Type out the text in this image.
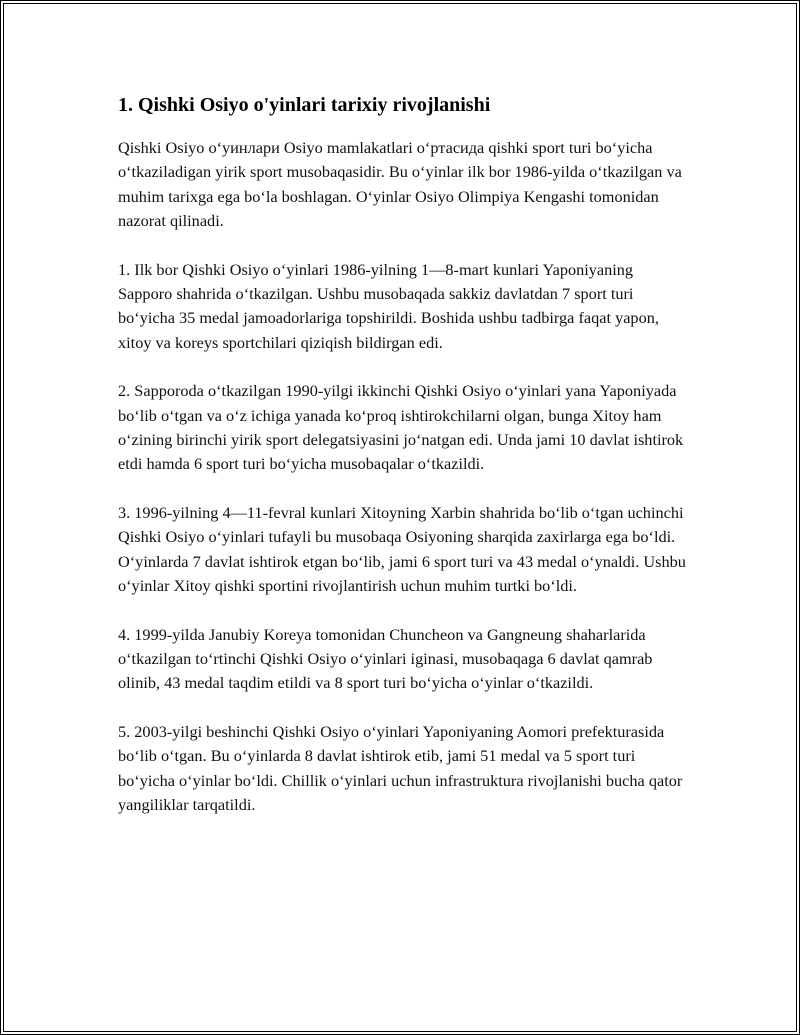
1. Qishki Osiyo o'yinlari tarixiy rivojlanishi

Qishki Osiyo o‘уинлари Osiyo mamlakatlari o‘ртасида qishki sport turi bo‘yicha o‘tkaziladigan yirik sport musobaqasidir. Bu o‘yinlar ilk bor 1986-yilda o‘tkazilgan va muhim tarixga ega bo‘la boshlagan. O‘yinlar Osiyo Olimpiya Kengashi tomonidan nazorat qilinadi.

1. Ilk bor Qishki Osiyo o‘yinlari 1986-yilning 1—8-mart kunlari Yaponiyaning Sapporo shahrida o‘tkazilgan. Ushbu musobaqada sakkiz davlatdan 7 sport turi bo‘yicha 35 medal jamoadorlariga topshirildi. Boshida ushbu tadbirga faqat yapon, xitoy va koreys sportchilari qiziqish bildirgan edi.

2. Sapporoda o‘tkazilgan 1990-yilgi ikkinchi Qishki Osiyo o‘yinlari yana Yaponiyada bo‘lib o‘tgan va o‘z ichiga yanada ko‘proq ishtirokchilarni olgan, bunga Xitoy ham o‘zining birinchi yirik sport delegatsiyasini jo‘natgan edi. Unda jami 10 davlat ishtirok etdi hamda 6 sport turi bo‘yicha musobaqalar o‘tkazildi.

3. 1996-yilning 4—11-fevral kunlari Xitoyning Xarbin shahrida bo‘lib o‘tgan uchinchi Qishki Osiyo o‘yinlari tufayli bu musobaqa Osiyoning sharqida zaxirlarga ega bo‘ldi. O‘yinlarda 7 davlat ishtirok etgan bo‘lib, jami 6 sport turi va 43 medal o‘ynaldi. Ushbu o‘yinlar Xitoy qishki sportini rivojlantirish uchun muhim turtki bo‘ldi.

4. 1999-yilda Janubiy Koreya tomonidan Chuncheon va Gangneung shaharlarida o‘tkazilgan to‘rtinchi Qishki Osiyo o‘yinlari iginasi, musobaqaga 6 davlat qamrab olinib, 43 medal taqdim etildi va 8 sport turi bo‘yicha o‘yinlar o‘tkazildi.

5. 2003-yilgi beshinchi Qishki Osiyo o‘yinlari Yaponiyaning Aomori prefekturasida bo‘lib o‘tgan. Bu o‘yinlarda 8 davlat ishtirok etib, jami 51 medal va 5 sport turi bo‘yicha o‘yinlar bo‘ldi. Chillik o‘yinlari uchun infrastruktura rivojlanishi bucha qator yangiliklar tarqatildi.
